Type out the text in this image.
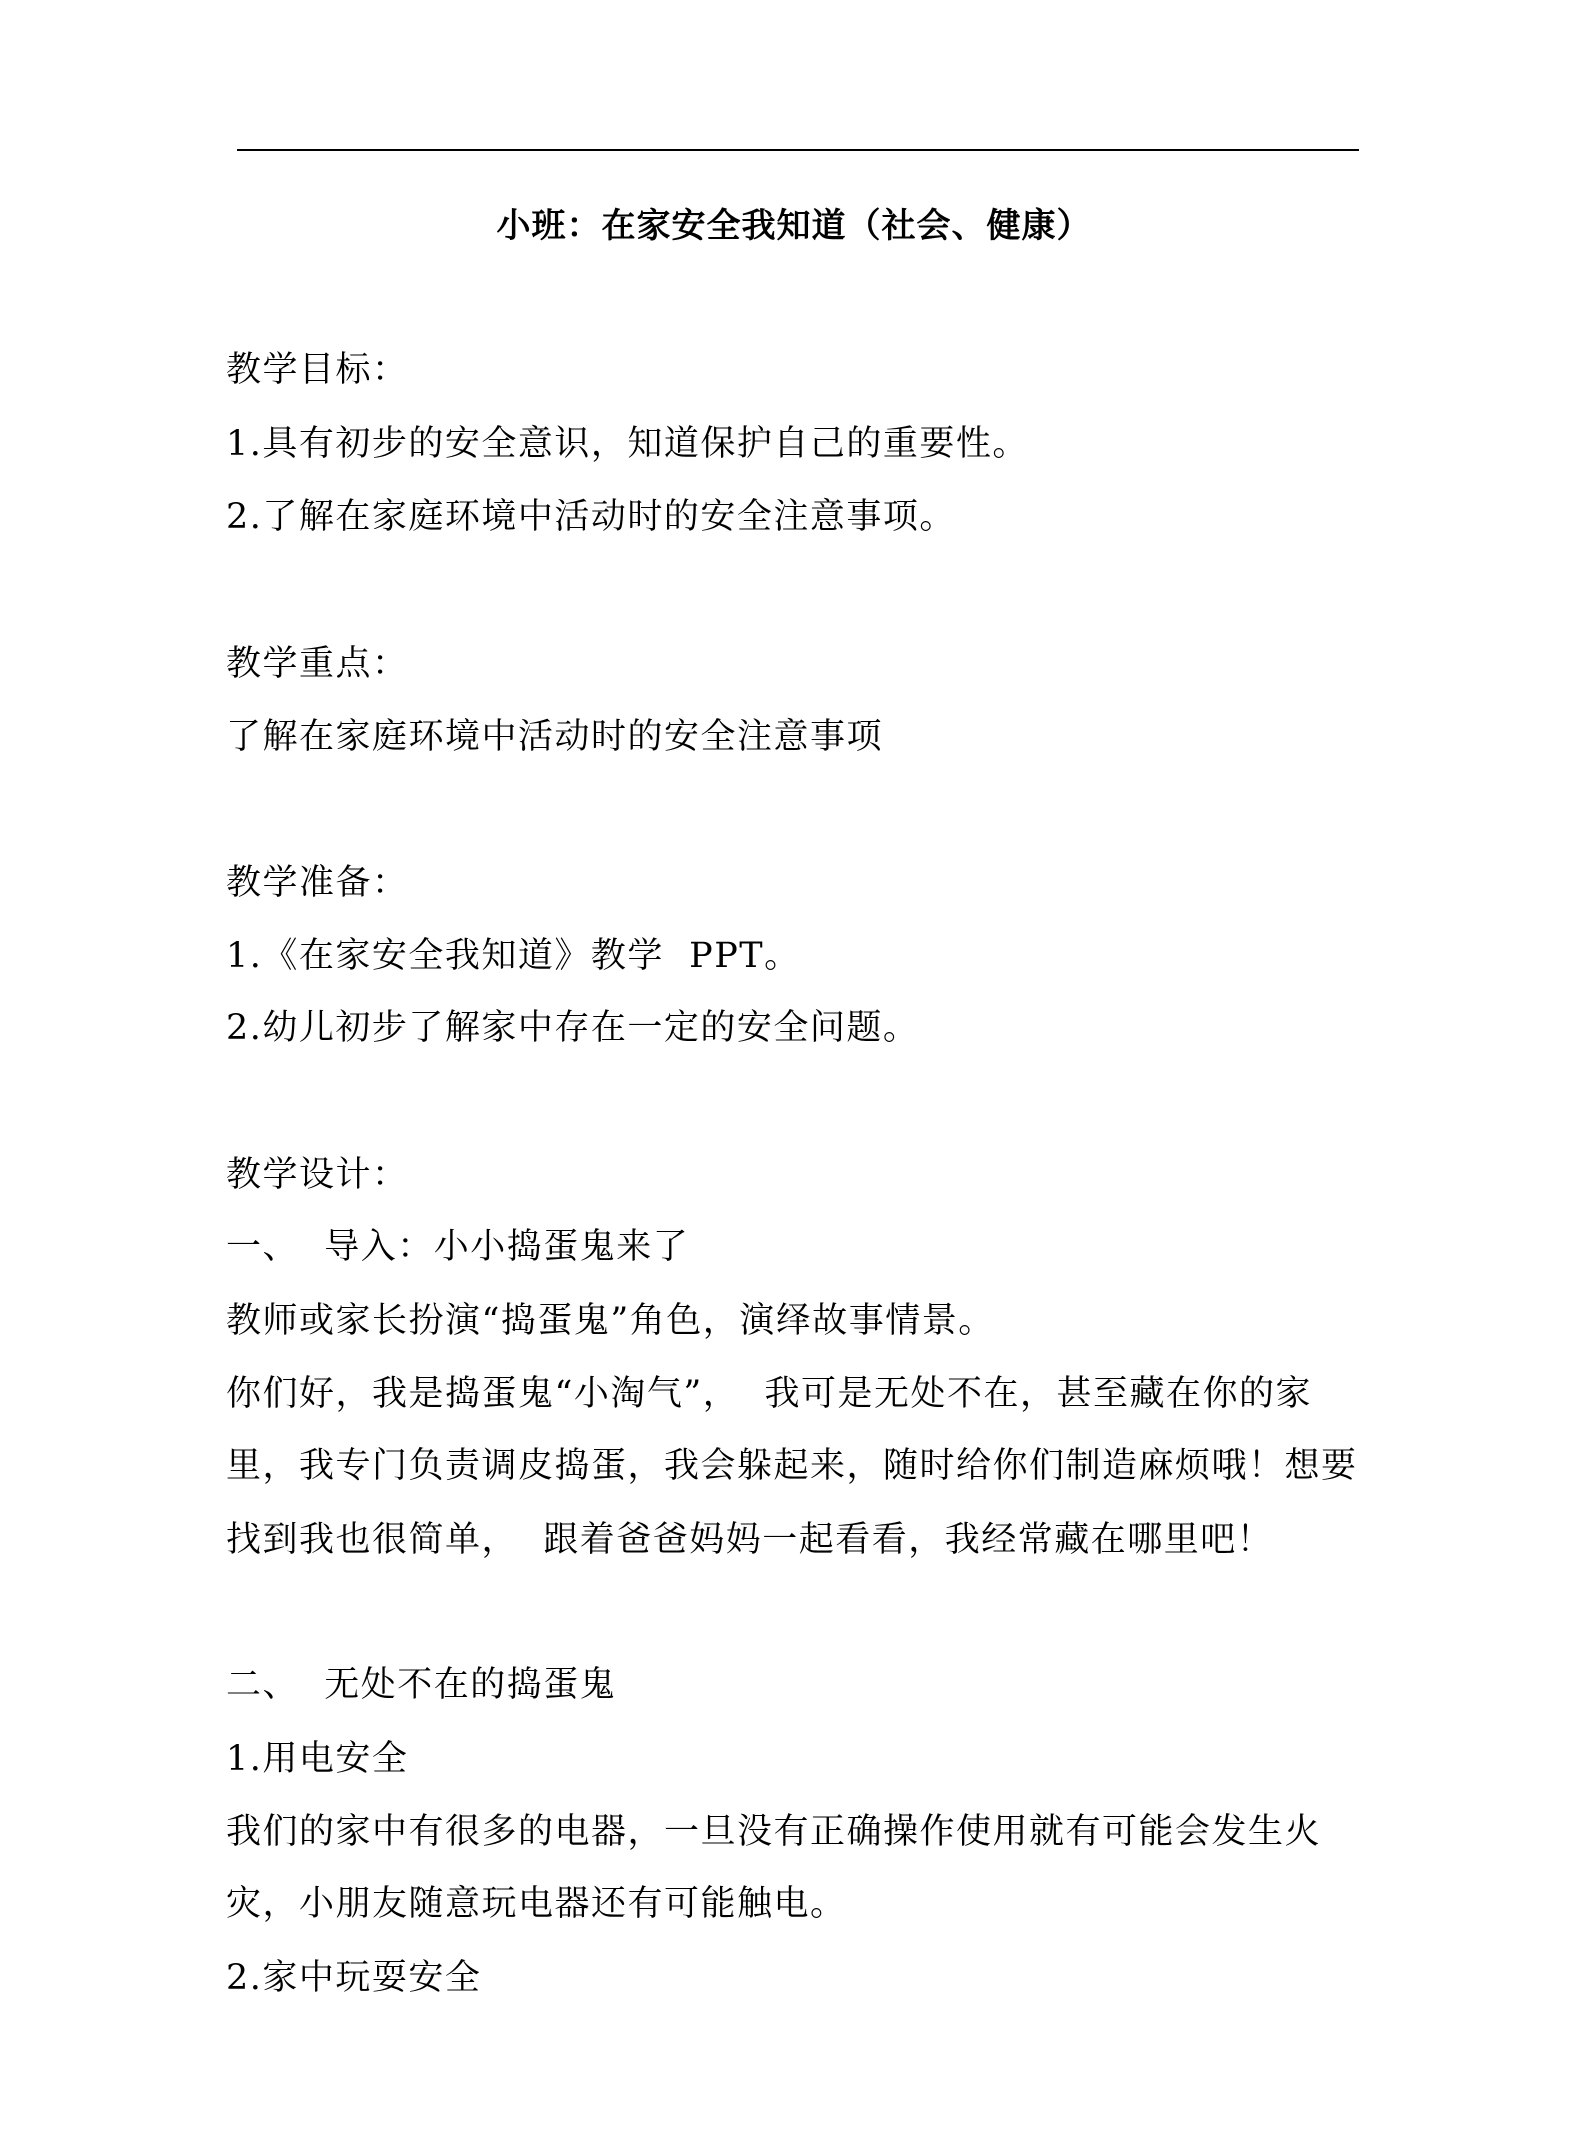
小班：在家安全我知道（社会、健康）
教学目标：
1.具有初步的安全意识，知道保护自己的重要性。
2.了解在家庭环境中活动时的安全注意事项。
教学重点：
了解在家庭环境中活动时的安全注意事项
教学准备：
1.《在家安全我知道》教学  PPT。
2.幼儿初步了解家中存在一定的安全问题。
教学设计：
一、  导入：小小捣蛋鬼来了
教师或家长扮演“捣蛋鬼”角色，演绎故事情景。
你们好，我是捣蛋鬼“小淘气”，  我可是无处不在，甚至藏在你的家
里，我专门负责调皮捣蛋，我会躲起来，随时给你们制造麻烦哦！想要
找到我也很简单，  跟着爸爸妈妈一起看看，我经常藏在哪里吧！
二、  无处不在的捣蛋鬼
1.用电安全
我们的家中有很多的电器，一旦没有正确操作使用就有可能会发生火
灾，小朋友随意玩电器还有可能触电。
2.家中玩耍安全
